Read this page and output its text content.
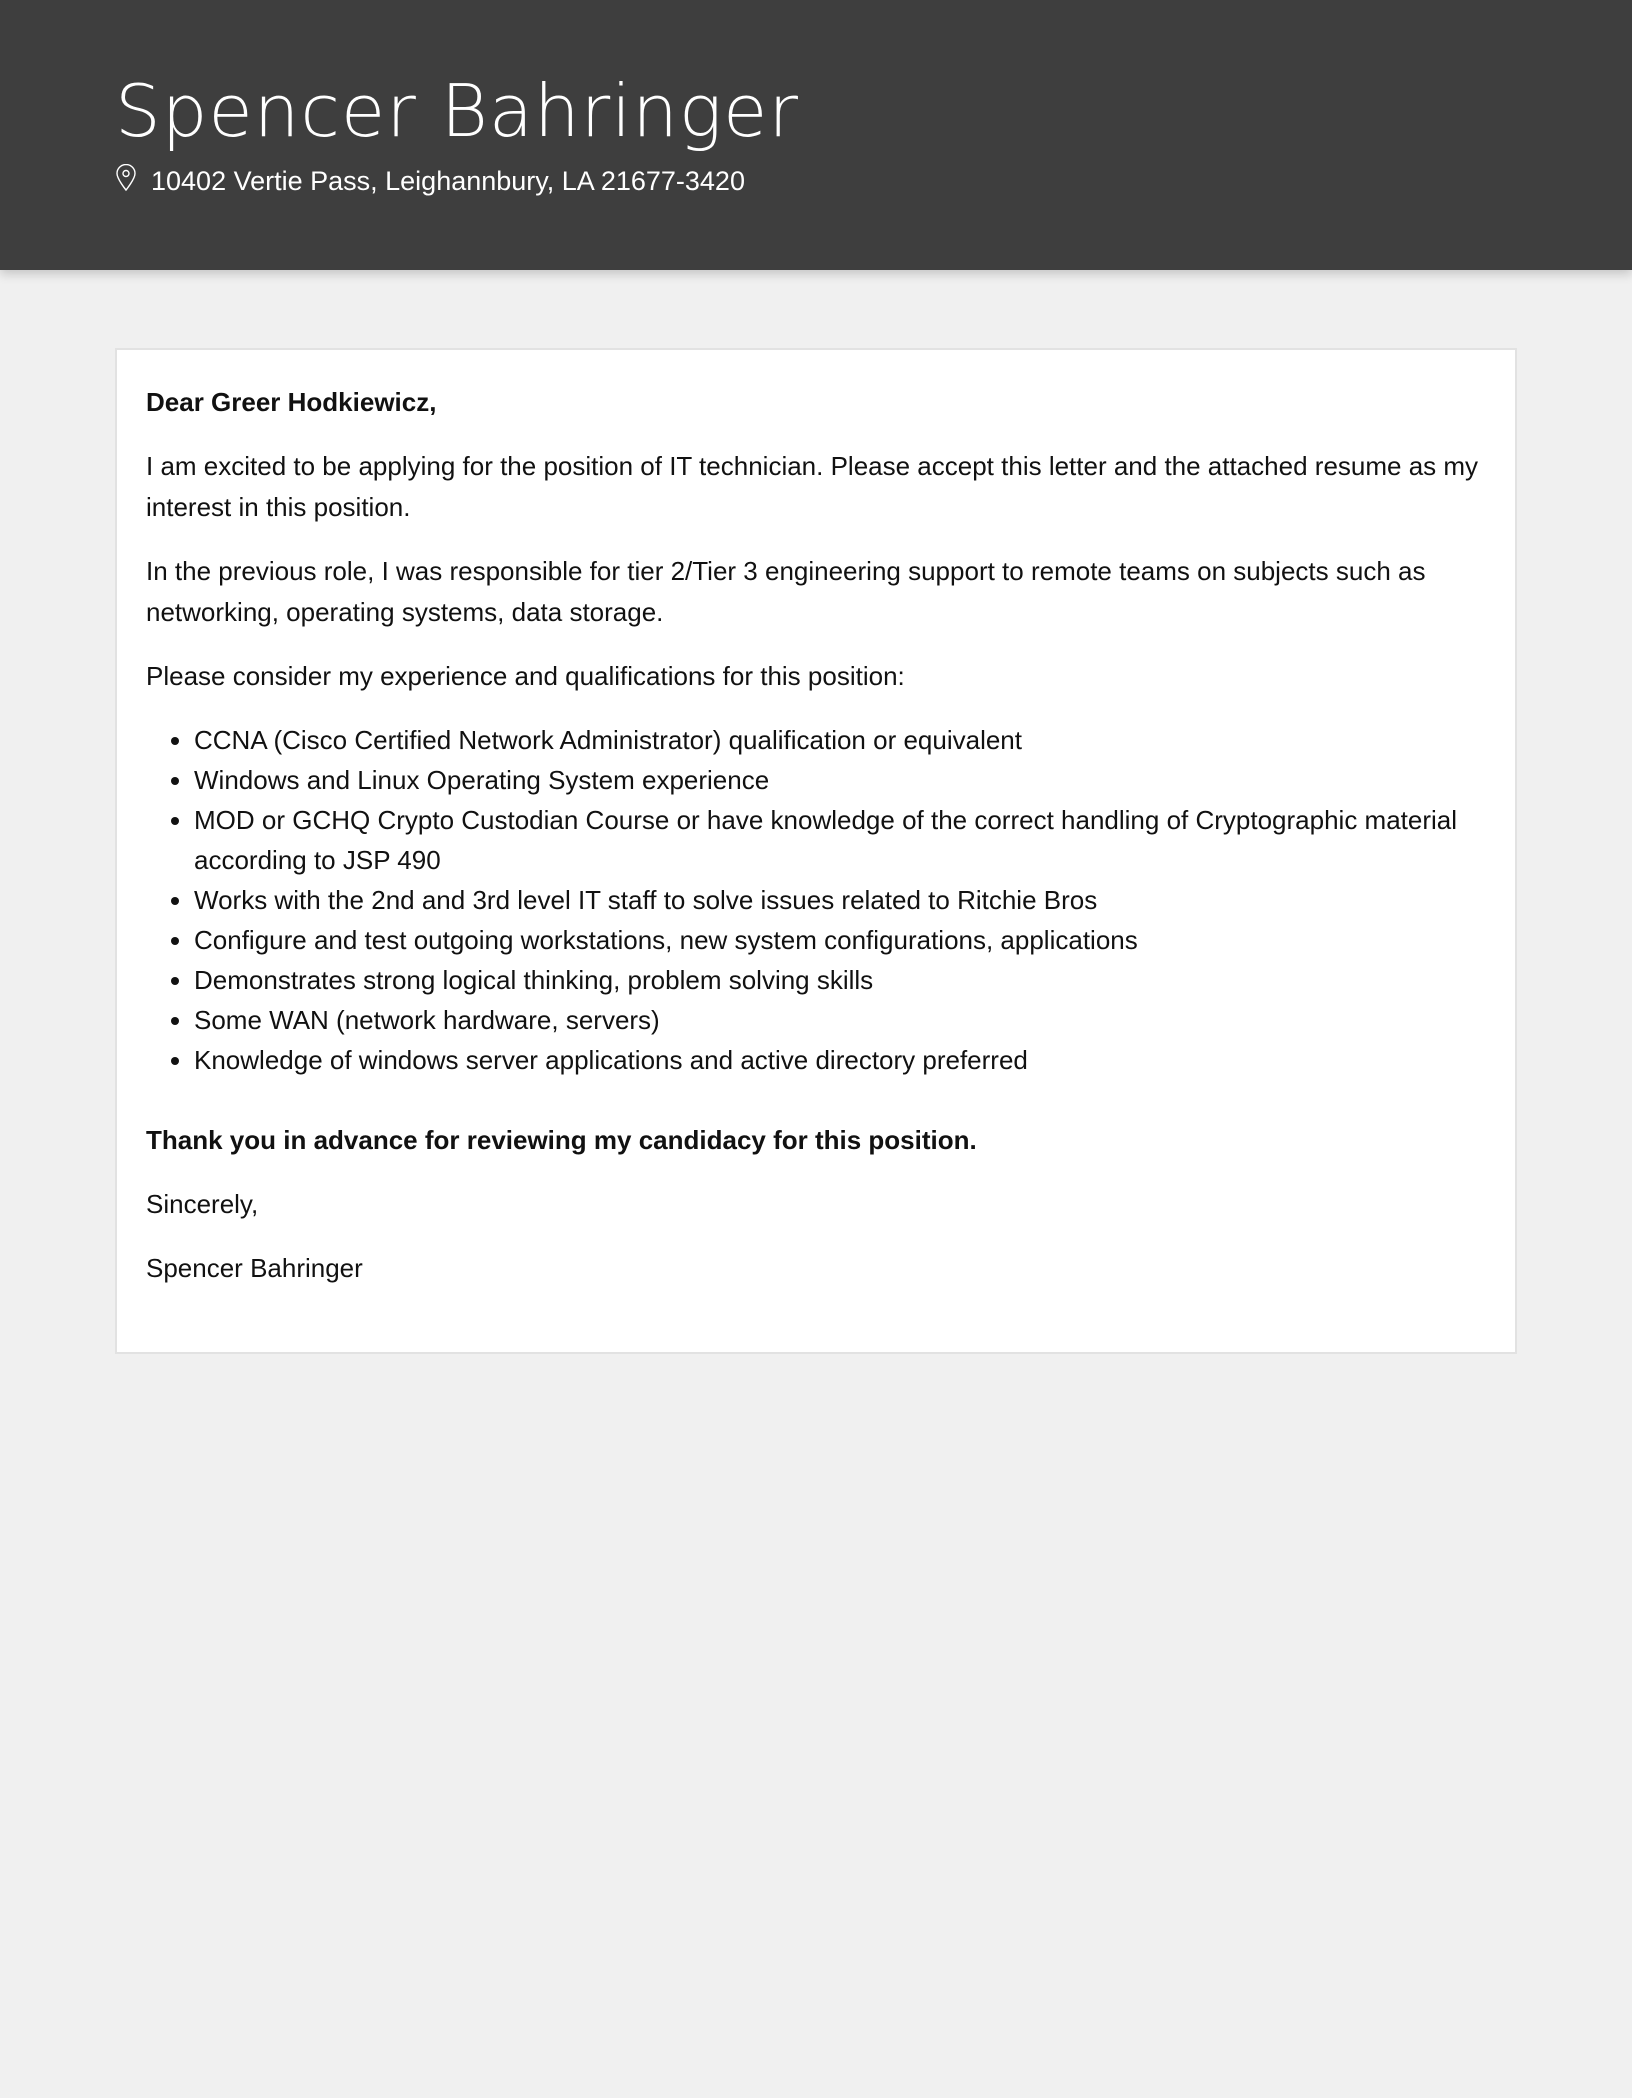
Spencer Bahringer
10402 Vertie Pass, Leighannbury, LA 21677-3420

Dear Greer Hodkiewicz,

I am excited to be applying for the position of IT technician. Please accept this letter and the attached resume as my interest in this position.

In the previous role, I was responsible for tier 2/Tier 3 engineering support to remote teams on subjects such as networking, operating systems, data storage.

Please consider my experience and qualifications for this position:

• CCNA (Cisco Certified Network Administrator) qualification or equivalent
• Windows and Linux Operating System experience
• MOD or GCHQ Crypto Custodian Course or have knowledge of the correct handling of Cryptographic material according to JSP 490
• Works with the 2nd and 3rd level IT staff to solve issues related to Ritchie Bros
• Configure and test outgoing workstations, new system configurations, applications
• Demonstrates strong logical thinking, problem solving skills
• Some WAN (network hardware, servers)
• Knowledge of windows server applications and active directory preferred

Thank you in advance for reviewing my candidacy for this position.

Sincerely,

Spencer Bahringer
